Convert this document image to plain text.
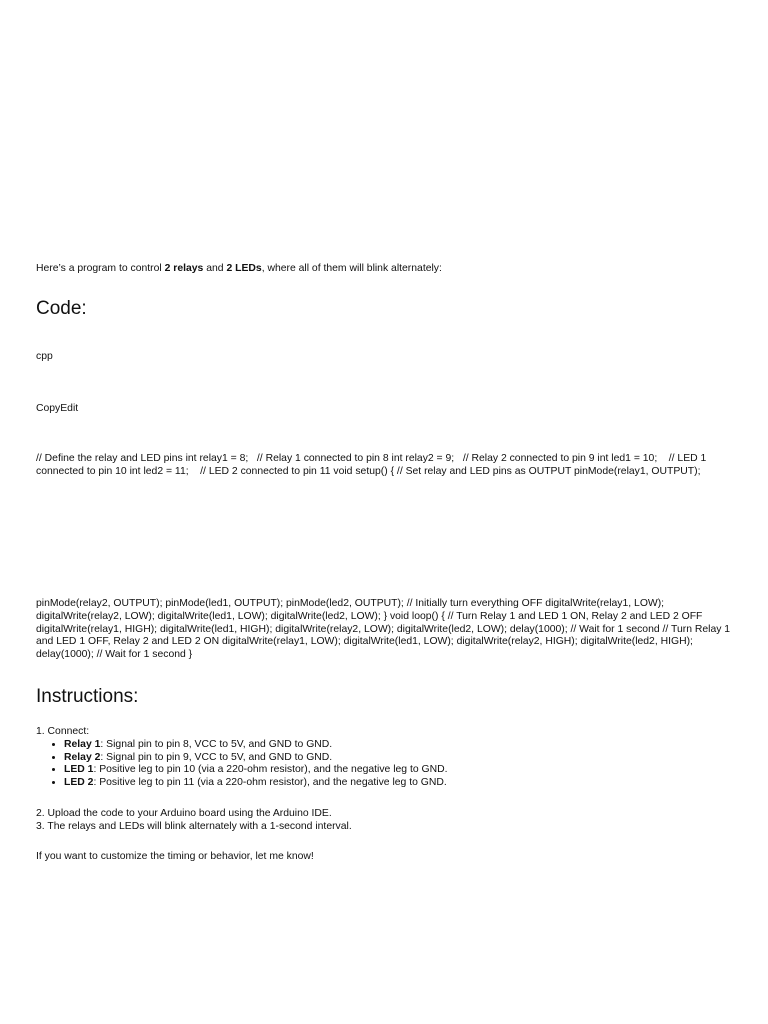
Here’s a program to control 2 relays and 2 LEDs, where all of them will blink alternately:

Code:
cpp
CopyEdit
// Define the relay and LED pins int relay1 = 8;   // Relay 1 connected to pin 8 int relay2 = 9;   // Relay 2 connected to pin 9 int led1 = 10;    // LED 1 connected to pin 10 int led2 = 11;    // LED 2 connected to pin 11 void setup() { // Set relay and LED pins as OUTPUT pinMode(relay1, OUTPUT);
pinMode(relay2, OUTPUT); pinMode(led1, OUTPUT); pinMode(led2, OUTPUT); // Initially turn everything OFF digitalWrite(relay1, LOW); digitalWrite(relay2, LOW); digitalWrite(led1, LOW); digitalWrite(led2, LOW); } void loop() { // Turn Relay 1 and LED 1 ON, Relay 2 and LED 2 OFF digitalWrite(relay1, HIGH); digitalWrite(led1, HIGH); digitalWrite(relay2, LOW); digitalWrite(led2, LOW); delay(1000); // Wait for 1 second // Turn Relay 1 and LED 1 OFF, Relay 2 and LED 2 ON digitalWrite(relay1, LOW); digitalWrite(led1, LOW); digitalWrite(relay2, HIGH); digitalWrite(led2, HIGH); delay(1000); // Wait for 1 second }
Instructions:
1. Connect:
• Relay 1: Signal pin to pin 8, VCC to 5V, and GND to GND.
• Relay 2: Signal pin to pin 9, VCC to 5V, and GND to GND.
• LED 1: Positive leg to pin 10 (via a 220-ohm resistor), and the negative leg to GND.
• LED 2: Positive leg to pin 11 (via a 220-ohm resistor), and the negative leg to GND.
2. Upload the code to your Arduino board using the Arduino IDE.
3. The relays and LEDs will blink alternately with a 1-second interval.

If you want to customize the timing or behavior, let me know!
